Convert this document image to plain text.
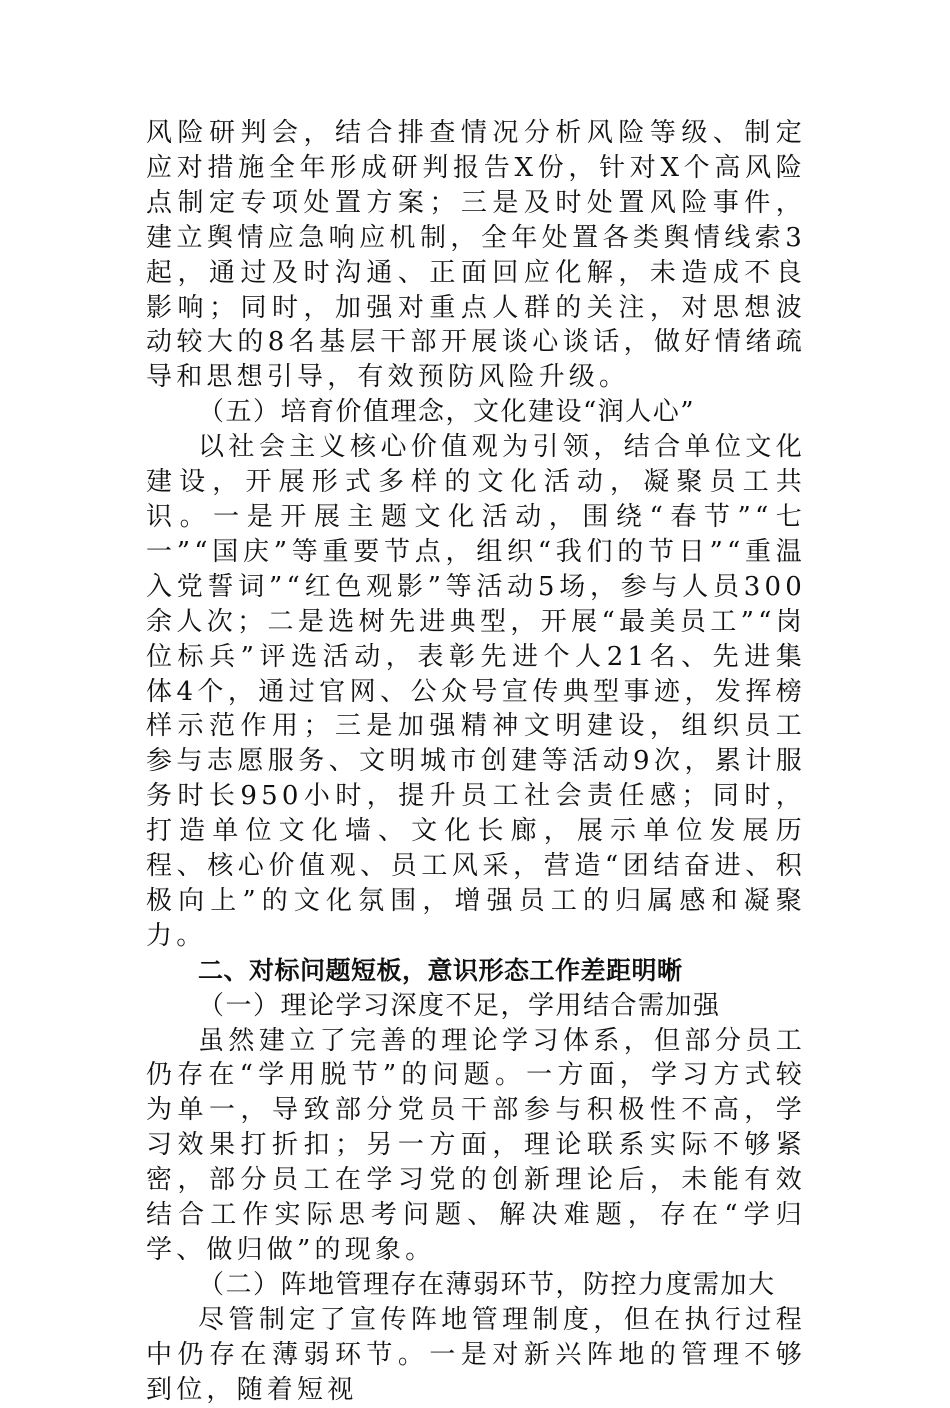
风险研判会，结合排查情况分析风险等级、制定应对措施全年形成研判报告X份，针对X个高风险点制定专项处置方案；三是及时处置风险事件，建立舆情应急响应机制，全年处置各类舆情线索3起，通过及时沟通、正面回应化解，未造成不良影响；同时，加强对重点人群的关注，对思想波动较大的8名基层干部开展谈心谈话，做好情绪疏导和思想引导，有效预防风险升级。

（五）培育价值理念，文化建设“润人心”

以社会主义核心价值观为引领，结合单位文化建设，开展形式多样的文化活动，凝聚员工共识。一是开展主题文化活动，围绕“春节”“七一”“国庆”等重要节点，组织“我们的节日”“重温入党誓词”“红色观影”等活动5场，参与人员300余人次；二是选树先进典型，开展“最美员工”“岗位标兵”评选活动，表彰先进个人21名、先进集体4个，通过官网、公众号宣传典型事迹，发挥榜样示范作用；三是加强精神文明建设，组织员工参与志愿服务、文明城市创建等活动9次，累计服务时长950小时，提升员工社会责任感；同时，打造单位文化墙、文化长廊，展示单位发展历程、核心价值观、员工风采，营造“团结奋进、积极向上”的文化氛围，增强员工的归属感和凝聚力。

二、对标问题短板，意识形态工作差距明晰

（一）理论学习深度不足，学用结合需加强

虽然建立了完善的理论学习体系，但部分员工仍存在“学用脱节”的问题。一方面，学习方式较为单一，导致部分党员干部参与积极性不高，学习效果打折扣；另一方面，理论联系实际不够紧密，部分员工在学习党的创新理论后，未能有效结合工作实际思考问题、解决难题，存在“学归学、做归做”的现象。

（二）阵地管理存在薄弱环节，防控力度需加大

尽管制定了宣传阵地管理制度，但在执行过程中仍存在薄弱环节。一是对新兴阵地的管理不够到位，随着短视
